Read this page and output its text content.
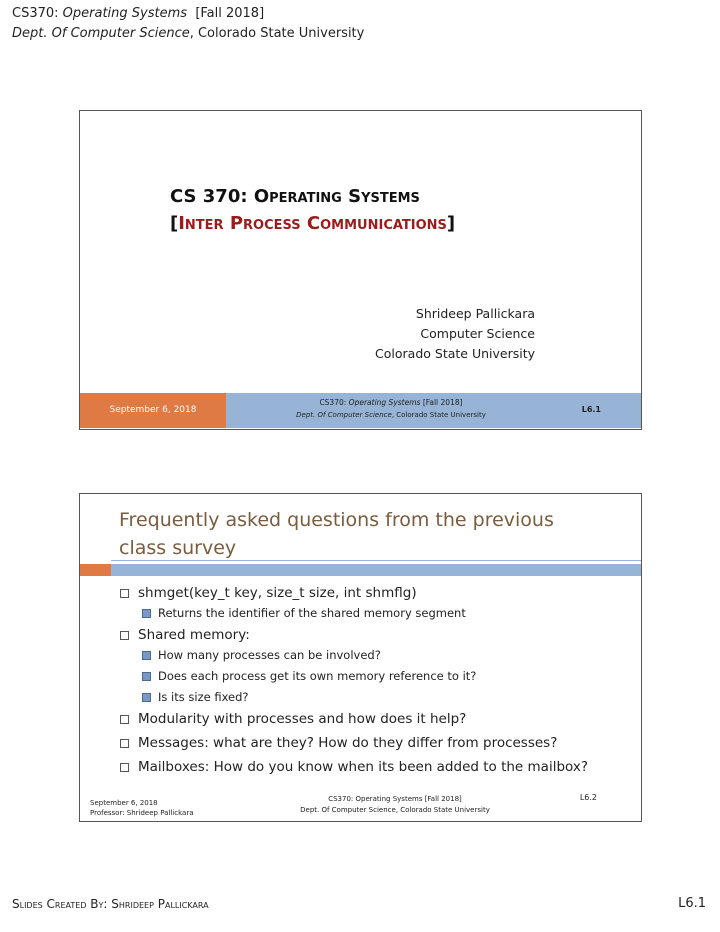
CS370: Operating Systems [Fall 2018]
Dept. Of Computer Science, Colorado State University
CS 370: Operating Systems
[Inter Process Communications]
Shrideep Pallickara
Computer Science
Colorado State University
September 6, 2018
CS370: Operating Systems [Fall 2018]
Dept. Of Computer Science, Colorado State University
L6.1
Frequently asked questions from the previous class survey
shmget(key_t key, size_t size, int shmflg)
Returns the identifier of the shared memory segment
Shared memory:
How many processes can be involved?
Does each process get its own memory reference to it?
Is its size fixed?
Modularity with processes and how does it help?
Messages: what are they? How do they differ from processes?
Mailboxes: How do you know when its been added to the mailbox?
September 6, 2018
Professor: Shrideep Pallickara
CS370: Operating Systems [Fall 2018]
Dept. Of Computer Science, Colorado State University
L6.2
Slides Created By: Shrideep Pallickara	L6.1
